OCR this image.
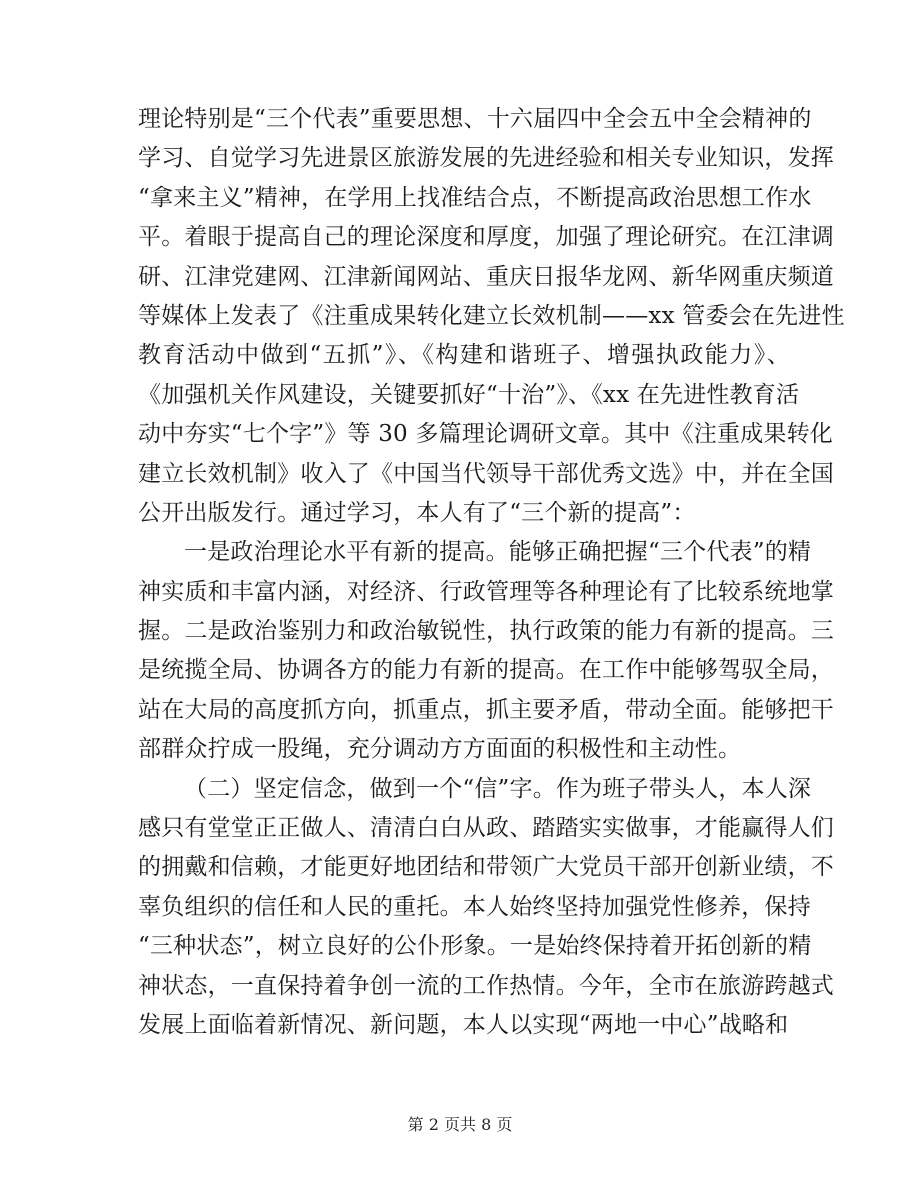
理论特别是“三个代表”重要思想、十六届四中全会五中全会精神的
学习、自觉学习先进景区旅游发展的先进经验和相关专业知识，发挥
“拿来主义”精神，在学用上找准结合点，不断提高政治思想工作水
平。着眼于提高自己的理论深度和厚度，加强了理论研究。在江津调
研、江津党建网、江津新闻网站、重庆日报华龙网、新华网重庆频道
等媒体上发表了《注重成果转化建立长效机制——xx 管委会在先进性
教育活动中做到“五抓”》、《构建和谐班子、增强执政能力》、
《加强机关作风建设，关键要抓好“十治”》、《xx 在先进性教育活
动中夯实“七个字”》等 30 多篇理论调研文章。其中《注重成果转化
建立长效机制》收入了《中国当代领导干部优秀文选》中，并在全国
公开出版发行。通过学习，本人有了“三个新的提高”：
一是政治理论水平有新的提高。能够正确把握“三个代表”的精
神实质和丰富内涵，对经济、行政管理等各种理论有了比较系统地掌
握。二是政治鉴别力和政治敏锐性，执行政策的能力有新的提高。三
是统揽全局、协调各方的能力有新的提高。在工作中能够驾驭全局，
站在大局的高度抓方向，抓重点，抓主要矛盾，带动全面。能够把干
部群众拧成一股绳，充分调动方方面面的积极性和主动性。
（二）坚定信念，做到一个“信”字。作为班子带头人，本人深
感只有堂堂正正做人、清清白白从政、踏踏实实做事，才能赢得人们
的拥戴和信赖，才能更好地团结和带领广大党员干部开创新业绩，不
辜负组织的信任和人民的重托。本人始终坚持加强党性修养，保持
“三种状态”，树立良好的公仆形象。一是始终保持着开拓创新的精
神状态，一直保持着争创一流的工作热情。今年，全市在旅游跨越式
发展上面临着新情况、新问题，本人以实现“两地一中心”战略和
第 2 页共 8 页
